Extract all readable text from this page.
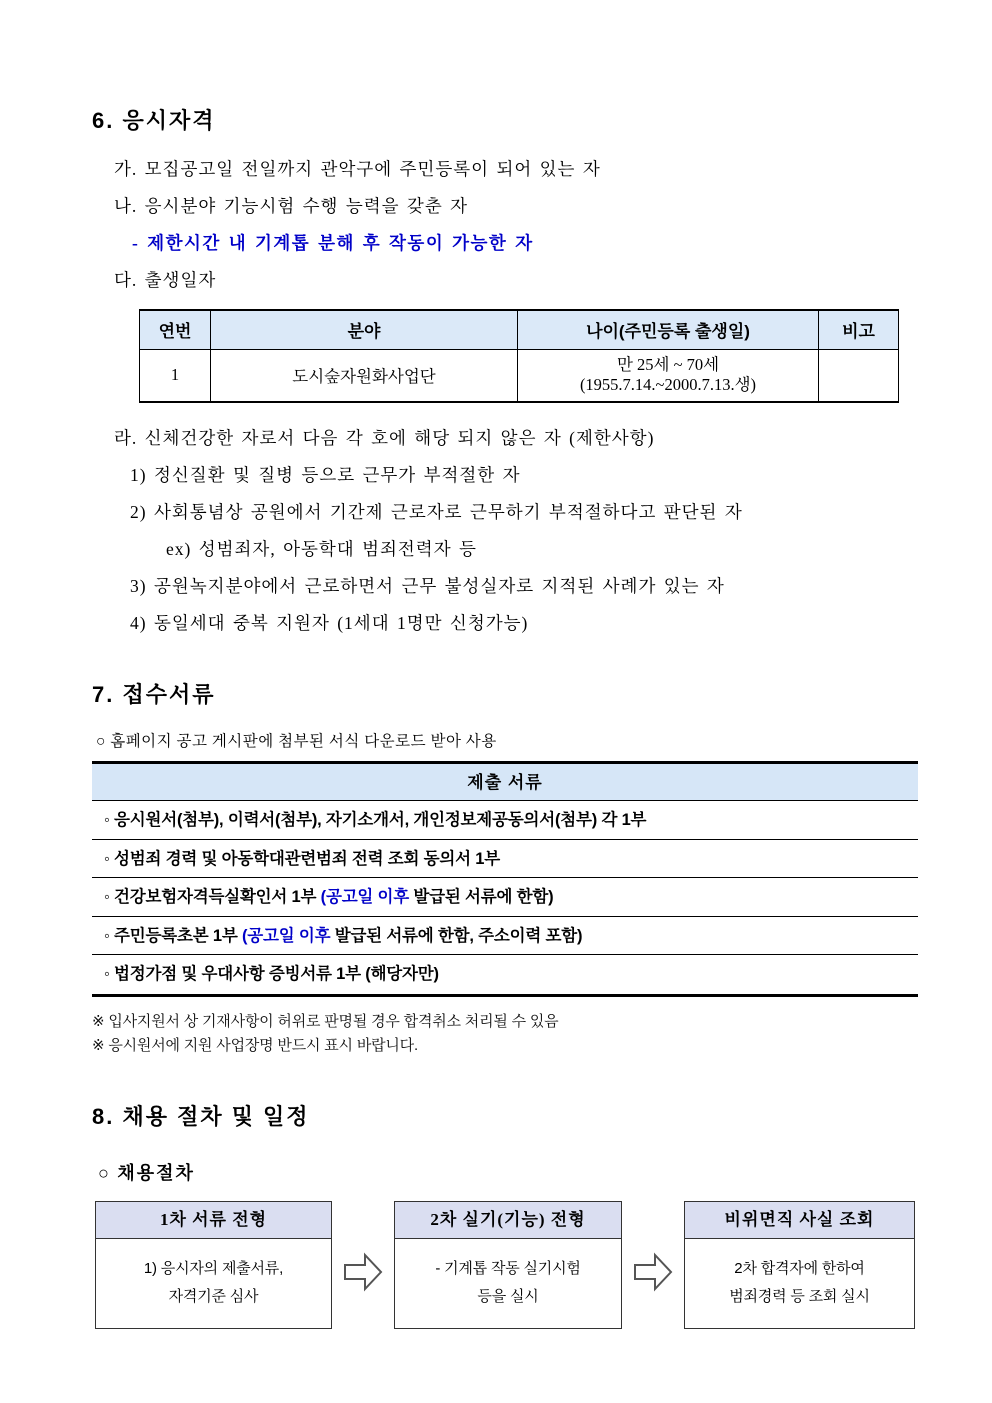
6. 응시자격
가. 모집공고일 전일까지 관악구에 주민등록이 되어 있는 자
나. 응시분야 기능시험 수행 능력을 갖춘 자
- 제한시간 내 기계톱 분해 후 작동이 가능한 자
다. 출생일자
연번	분야	나이(주민등록 출생일)	비고
1	도시숲자원화사업단	만 25세 ~ 70세
(1955.7.14.~2000.7.13.생)	

라. 신체건강한 자로서 다음 각 호에 해당 되지 않은 자 (제한사항)
1) 정신질환 및 질병 등으로 근무가 부적절한 자
2) 사회통념상 공원에서 기간제 근로자로 근무하기 부적절하다고 판단된 자
ex) 성범죄자, 아동학대 범죄전력자 등
3) 공원녹지분야에서 근로하면서 근무 불성실자로 지적된 사례가 있는 자
4) 동일세대 중복 지원자 (1세대 1명만 신청가능)
7. 접수서류
○ 홈페이지 공고 게시판에 첨부된 서식 다운로드 받아 사용
제출 서류
◦ 응시원서(첨부), 이력서(첨부), 자기소개서, 개인정보제공동의서(첨부) 각 1부
◦ 성범죄 경력 및 아동학대관련범죄 전력 조회 동의서 1부
◦ 건강보험자격득실확인서 1부 (공고일 이후 발급된 서류에 한함)
◦ 주민등록초본 1부 (공고일 이후 발급된 서류에 한함, 주소이력 포함)
◦ 법정가점 및 우대사항 증빙서류 1부 (해당자만)
※ 입사지원서 상 기재사항이 허위로 판명될 경우 합격취소 처리될 수 있음
※ 응시원서에 지원 사업장명 반드시 표시 바랍니다.
8. 채용 절차 및 일정
○ 채용절차
1차 서류 전형
1) 응시자의 제출서류,
자격기준 심사
2차 실기(기능) 전형
- 기계톱 작동 실기시험
등을 실시
비위면직 사실 조회
2차 합격자에 한하여
범죄경력 등 조회 실시
